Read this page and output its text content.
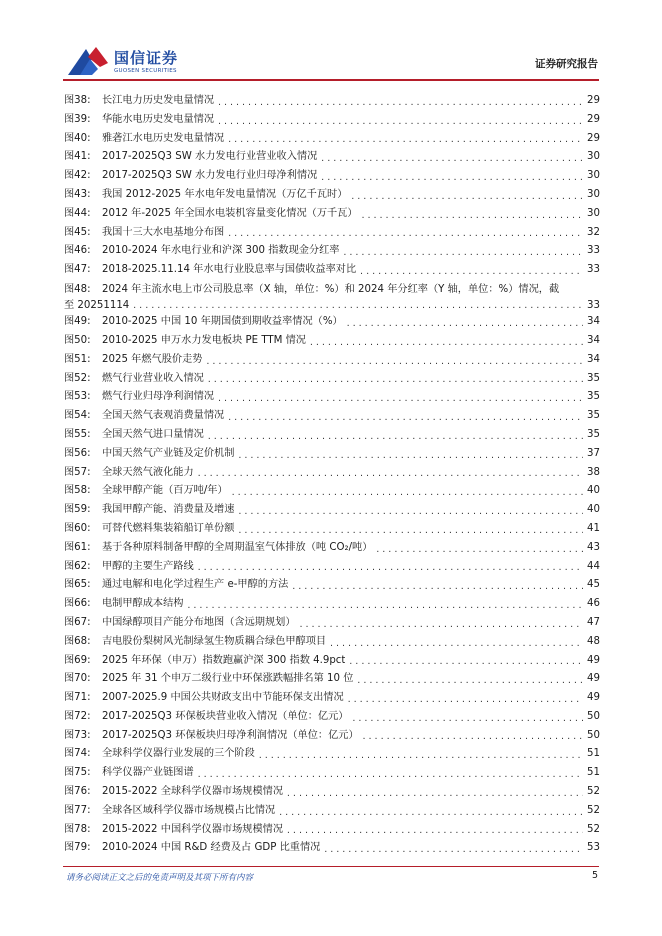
国信证券
GUOSEN SECURITIES
证券研究报告
图38:	长江电力历史发电量情况 .....	29
图39:	华能水电历史发电量情况 .....	29
图40:	雅砻江水电历史发电量情况 .....	29
图41:	2017-2025Q3 SW 水力发电行业营业收入情况 .....	30
图42:	2017-2025Q3 SW 水力发电行业归母净利情况 .....	30
图43:	我国 2012-2025 年水电年发电量情况（万亿千瓦时） .....	30
图44:	2012 年-2025 年全国水电装机容量变化情况（万千瓦） .....	30
图45:	我国十三大水电基地分布图 .....	32
图46:	2010-2024 年水电行业和沪深 300 指数现金分红率 .....	33
图47:	2018-2025.11.14 年水电行业股息率与国债收益率对比 .....	33
图48:	2024 年主流水电上市公司股息率（X 轴，单位：%）和 2024 年分红率（Y 轴，单位：%）情况，截
至 20251114 .....	33
图49:	2010-2025 中国 10 年期国债到期收益率情况（%） .....	34
图50:	2010-2025 申万水力发电板块 PE TTM 情况 .....	34
图51:	2025 年燃气股价走势 .....	34
图52:	燃气行业营业收入情况 .....	35
图53:	燃气行业归母净利润情况 .....	35
图54:	全国天然气表观消费量情况 .....	35
图55:	全国天然气进口量情况 .....	35
图56:	中国天然气产业链及定价机制 .....	37
图57:	全球天然气液化能力 .....	38
图58:	全球甲醇产能（百万吨/年） .....	40
图59:	我国甲醇产能、消费量及增速 .....	40
图60:	可替代燃料集装箱船订单份额 .....	41
图61:	基于各种原料制备甲醇的全周期温室气体排放（吨 CO₂/吨） .....	43
图62:	甲醇的主要生产路线 .....	44
图65:	通过电解和电化学过程生产 e-甲醇的方法 .....	45
图66:	电制甲醇成本结构 .....	46
图67:	中国绿醇项目产能分布地图（含远期规划） .....	47
图68:	吉电股份梨树风光制绿氢生物质耦合绿色甲醇项目 .....	48
图69:	2025 年环保（申万）指数跑赢沪深 300 指数 4.9pct .....	49
图70:	2025 年 31 个申万二级行业中环保涨跌幅排名第 10 位 .....	49
图71:	2007-2025.9 中国公共财政支出中节能环保支出情况 .....	49
图72:	2017-2025Q3 环保板块营业收入情况（单位：亿元） .....	50
图73:	2017-2025Q3 环保板块归母净利润情况（单位：亿元） .....	50
图74:	全球科学仪器行业发展的三个阶段 .....	51
图75:	科学仪器产业链图谱 .....	51
图76:	2015-2022 全球科学仪器市场规模情况 .....	52
图77:	全球各区域科学仪器市场规模占比情况 .....	52
图78:	2015-2022 中国科学仪器市场规模情况 .....	52
图79:	2010-2024 中国 R&D 经费及占 GDP 比重情况 .....	53
请务必阅读正文之后的免责声明及其项下所有内容	5
